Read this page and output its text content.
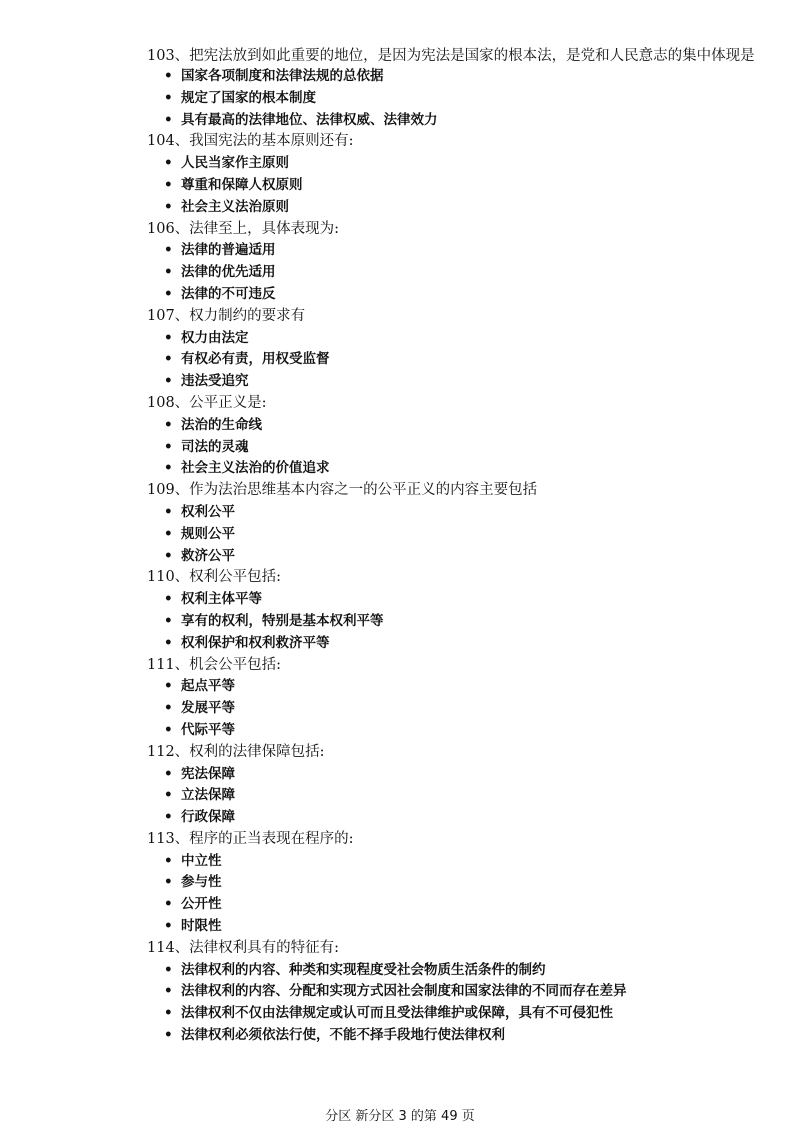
103、把宪法放到如此重要的地位，是因为宪法是国家的根本法，是党和人民意志的集中体现是

• 国家各项制度和法律法规的总依据
• 规定了国家的根本制度
• 具有最高的法律地位、法律权威、法律效力

104、我国宪法的基本原则还有:

• 人民当家作主原则
• 尊重和保障人权原则
• 社会主义法治原则

106、法律至上，具体表现为:

• 法律的普遍适用
• 法律的优先适用
• 法律的不可违反

107、权力制约的要求有

• 权力由法定
• 有权必有责，用权受监督
• 违法受追究

108、公平正义是:

• 法治的生命线
• 司法的灵魂
• 社会主义法治的价值追求

109、作为法治思维基本内容之一的公平正义的内容主要包括

• 权利公平
• 规则公平
• 救济公平

110、权利公平包括:

• 权利主体平等
• 享有的权利，特别是基本权利平等
• 权利保护和权利救济平等

111、机会公平包括:

• 起点平等
• 发展平等
• 代际平等

112、权利的法律保障包括:

• 宪法保障
• 立法保障
• 行政保障

113、程序的正当表现在程序的:

• 中立性
• 参与性
• 公开性
• 时限性

114、法律权利具有的特征有:

• 法律权利的内容、种类和实现程度受社会物质生活条件的制约
• 法律权利的内容、分配和实现方式因社会制度和国家法律的不同而存在差异
• 法律权利不仅由法律规定或认可而且受法律维护或保障，具有不可侵犯性
• 法律权利必须依法行使，不能不择手段地行使法律权利
分区 新分区 3 的第 49 页
